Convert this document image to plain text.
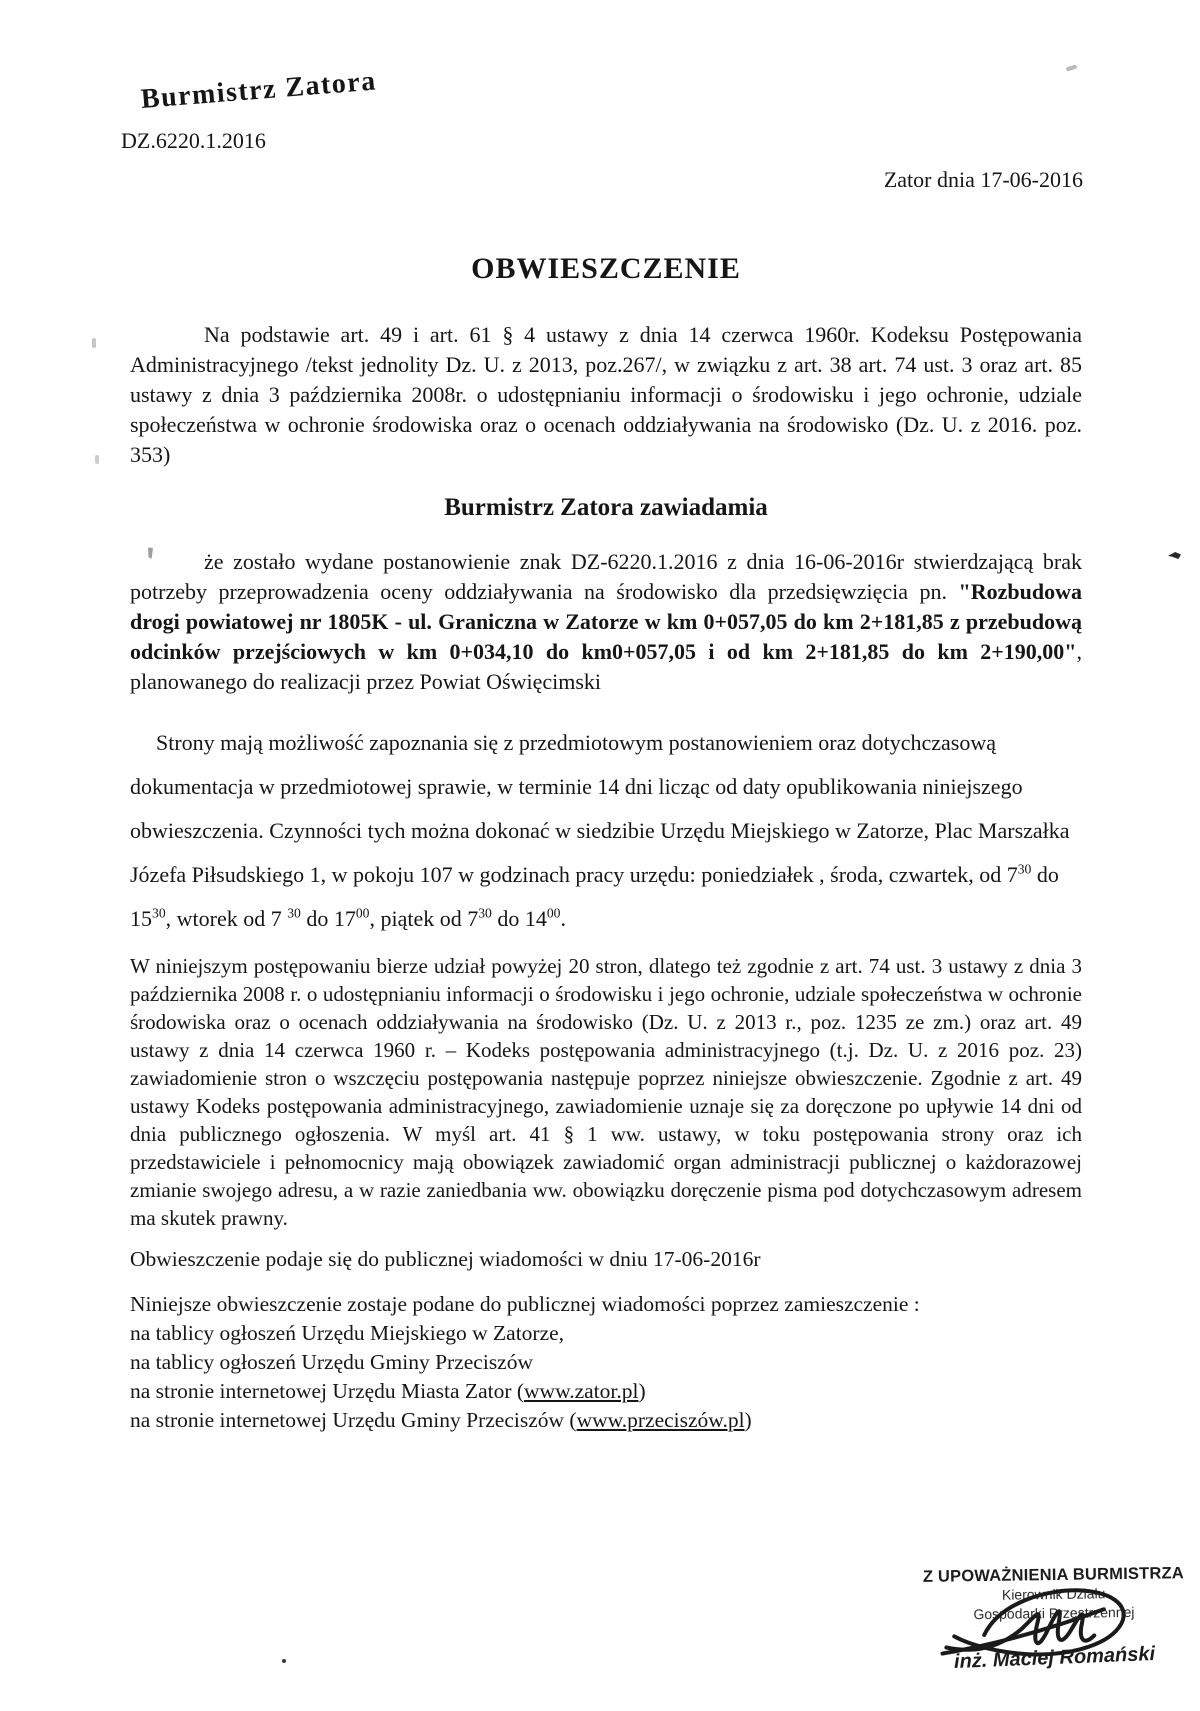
Burmistrz Zatora
DZ.6220.1.2016
Zator dnia 17-06-2016
OBWIESZCZENIE

Na podstawie art. 49 i art. 61 § 4 ustawy z dnia 14 czerwca 1960r. Kodeksu Postępowania Administracyjnego /tekst jednolity Dz. U. z 2013, poz.267/, w związku z art. 38 art. 74 ust. 3 oraz art. 85 ustawy z dnia 3 października 2008r. o udostępnianiu informacji o środowisku i jego ochronie, udziale społeczeństwa w ochronie środowiska oraz o ocenach oddziaływania na środowisko (Dz. U. z 2016. poz. 353)

Burmistrz Zatora zawiadamia

że zostało wydane postanowienie znak DZ-6220.1.2016 z dnia 16-06-2016r stwierdzającą brak potrzeby przeprowadzenia oceny oddziaływania na środowisko dla przedsięwzięcia pn. "Rozbudowa drogi powiatowej nr 1805K - ul. Graniczna w Zatorze w km 0+057,05 do km 2+181,85 z przebudową odcinków przejściowych w km 0+034,10 do km0+057,05 i od km 2+181,85 do km 2+190,00", planowanego do realizacji przez Powiat Oświęcimski

Strony mają możliwość zapoznania się z przedmiotowym postanowieniem oraz dotychczasową dokumentacja w przedmiotowej sprawie, w terminie 14 dni licząc od daty opublikowania niniejszego obwieszczenia. Czynności tych można dokonać w siedzibie Urzędu Miejskiego w Zatorze, Plac Marszałka Józefa Piłsudskiego 1, w pokoju 107 w godzinach pracy urzędu: poniedziałek , środa, czwartek, od $7^{30}$ do $15^{30}$, wtorek od 7 $^{30}$ do $17^{00}$, piątek od $7^{30}$ do $14^{00}$.

W niniejszym postępowaniu bierze udział powyżej 20 stron, dlatego też zgodnie z art. 74 ust. 3 ustawy z dnia 3 października 2008 r. o udostępnianiu informacji o środowisku i jego ochronie, udziale społeczeństwa w ochronie środowiska oraz o ocenach oddziaływania na środowisko (Dz. U. z 2013 r., poz. 1235 ze zm.) oraz art. 49 ustawy z dnia 14 czerwca 1960 r. – Kodeks postępowania administracyjnego (t.j. Dz. U. z 2016 poz. 23) zawiadomienie stron o wszczęciu postępowania następuje poprzez niniejsze obwieszczenie. Zgodnie z art. 49 ustawy Kodeks postępowania administracyjnego, zawiadomienie uznaje się za doręczone po upływie 14 dni od dnia publicznego ogłoszenia. W myśl art. 41 § 1 ww. ustawy, w toku postępowania strony oraz ich przedstawiciele i pełnomocnicy mają obowiązek zawiadomić organ administracji publicznej o każdorazowej zmianie swojego adresu, a w razie zaniedbania ww. obowiązku doręczenie pisma pod dotychczasowym adresem ma skutek prawny.

Obwieszczenie podaje się do publicznej wiadomości w dniu 17-06-2016r

Niniejsze obwieszczenie zostaje podane do publicznej wiadomości poprzez zamieszczenie :

na tablicy ogłoszeń Urzędu Miejskiego w Zatorze,

na tablicy ogłoszeń Urzędu Gminy Przeciszów

na stronie internetowej Urzędu Miasta Zator (www.zator.pl)

na stronie internetowej Urzędu Gminy Przeciszów (www.przeciszów.pl)

Z UPOWAŻNIENIA BURMISTRZA
Kierownik Działu
Gospodarki Przestrzennej
inż. Maciej Romański
